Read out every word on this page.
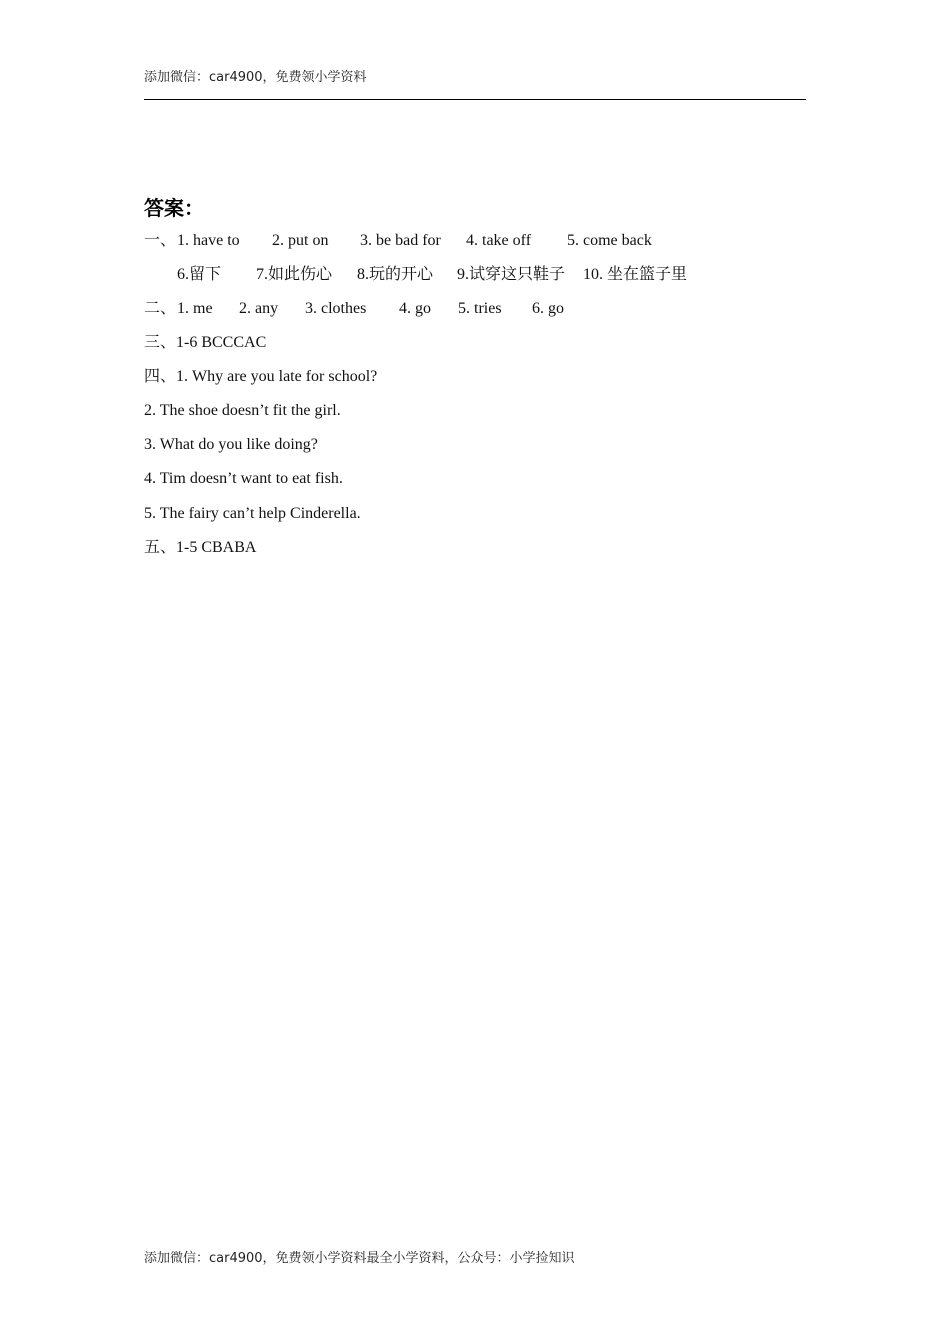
添加微信：car4900，免费领小学资料
答案：
一、 1. have to 2. put on 3. be bad for 4. take off 5. come back
6.留下 7.如此伤心 8.玩的开心 9.试穿这只鞋子 10. 坐在篮子里
二、 1. me 2. any 3. clothes 4. go 5. tries 6. go
三、1-6 BCCCAC
四、1. Why are you late for school?
2. The shoe doesn’t fit the girl.
3. What do you like doing?
4. Tim doesn’t want to eat fish.
5. The fairy can’t help Cinderella.
五、1-5 CBABA
添加微信：car4900，免费领小学资料最全小学资料，公众号：小学捡知识
